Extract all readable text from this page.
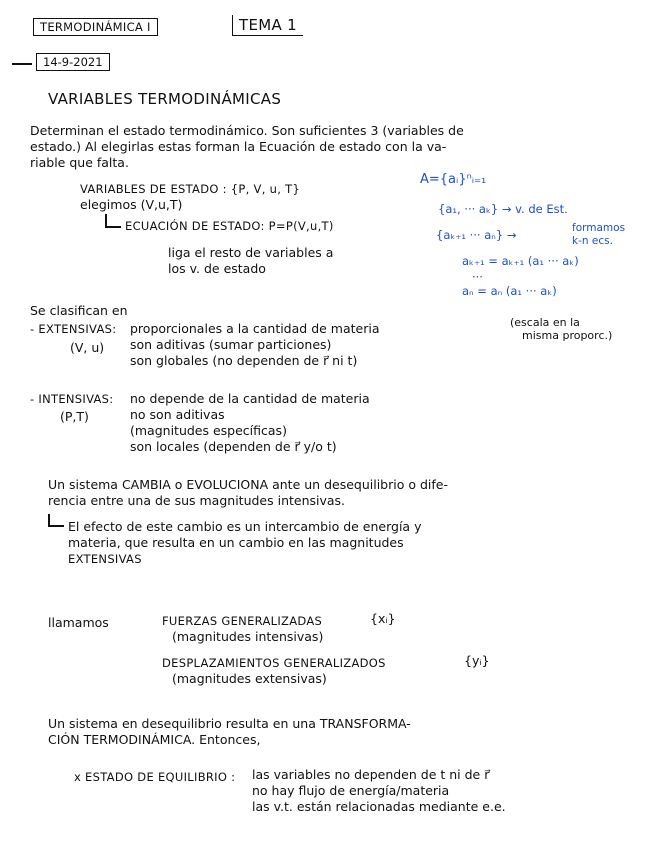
TERMODINÁMICA I	TEMA 1
14-9-2021
VARIABLES TERMODINÁMICAS
Determinan el estado termodinámico. Son suficientes 3 (variables de
estado.) Al elegirlas estas forman la Ecuación de estado con la va-
riable que falta.
VARIABLES DE ESTADO : {P, V, u, T}
elegimos (V,u,T)
ECUACIÓN DE ESTADO: P=P(V,u,T)
liga el resto de variables a
los v. de estado
A={aᵢ}ⁿᵢ₌₁
{a₁, ··· aₖ} → v. de Est.
{aₖ₊₁ ··· aₙ} →	formamos
k-n ecs.
aₖ₊₁ = aₖ₊₁ (a₁ ··· aₖ)
···
aₙ = aₙ (a₁ ··· aₖ)
Se clasifican en
- EXTENSIVAS:
(V, u)
proporcionales a la cantidad de materia
son aditivas (sumar particiones)
son globales (no dependen de r⃗ ni t)
(escala en la
misma proporc.)
- INTENSIVAS:
(P,T)
no depende de la cantidad de materia
no son aditivas
(magnitudes específicas)
son locales (dependen de r⃗ y/o t)
Un sistema CAMBIA o EVOLUCIONA ante un desequilibrio o dife-
rencia entre una de sus magnitudes intensivas.
El efecto de este cambio es un intercambio de energía y
materia, que resulta en un cambio en las magnitudes
EXTENSIVAS
llamamos	FUERZAS GENERALIZADAS	{xᵢ}
(magnitudes intensivas)
DESPLAZAMIENTOS GENERALIZADOS	{yᵢ}
(magnitudes extensivas)
Un sistema en desequilibrio resulta en una TRANSFORMA-
CIÓN TERMODINÁMICA. Entonces,
x ESTADO DE EQUILIBRIO : las variables no dependen de t ni de r⃗
no hay flujo de energía/materia
las v.t. están relacionadas mediante e.e.
